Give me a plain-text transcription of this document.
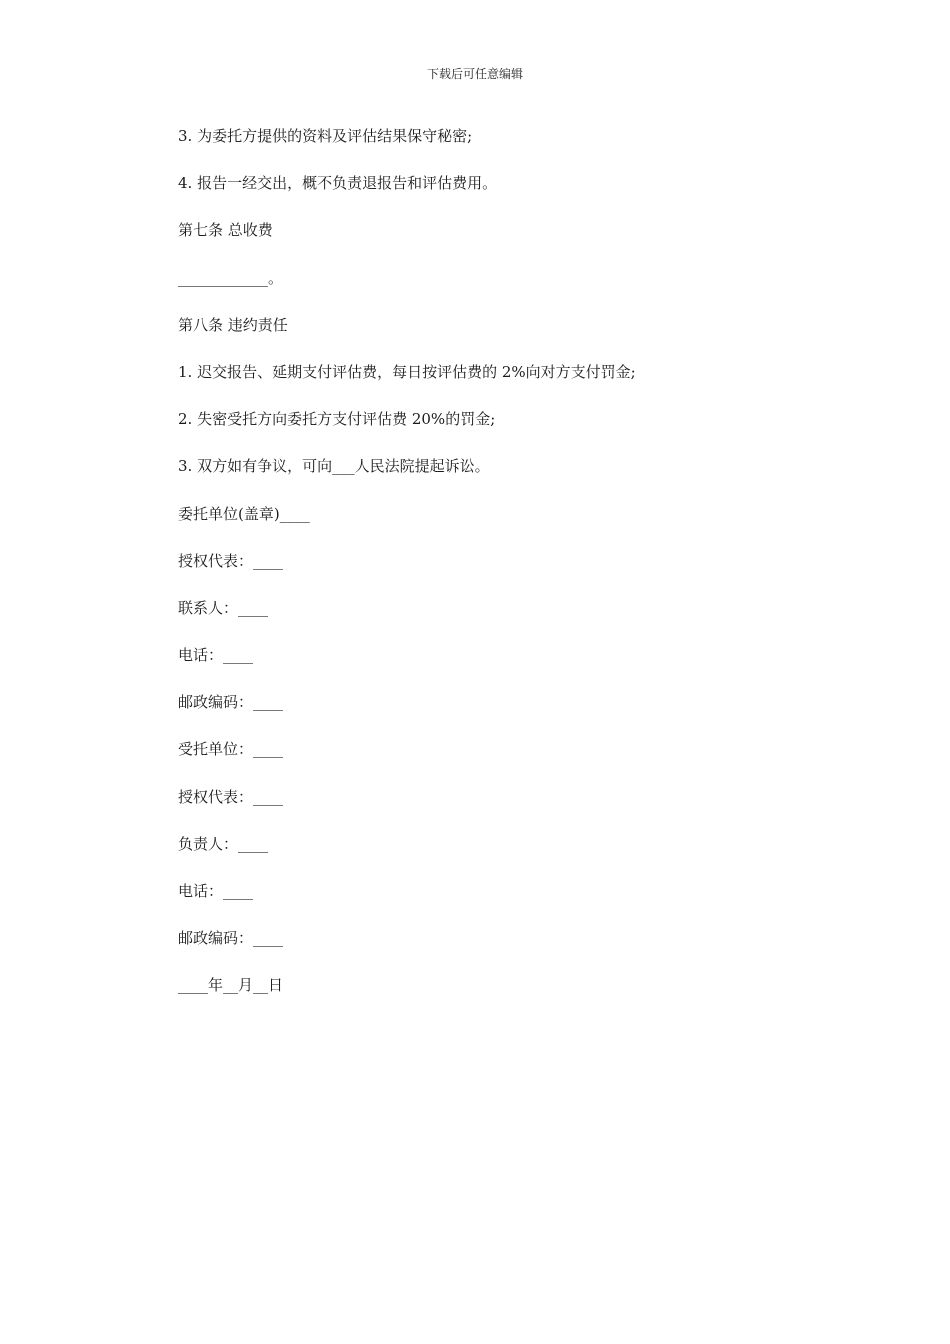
下载后可任意编辑
3. 为委托方提供的资料及评估结果保守秘密;
4. 报告一经交出，概不负责退报告和评估费用。
第七条 总收费
____________。
第八条 违约责任
1. 迟交报告、延期支付评估费，每日按评估费的 2%向对方支付罚金;
2. 失密受托方向委托方支付评估费 20%的罚金;
3. 双方如有争议，可向___人民法院提起诉讼。
委托单位(盖章)____
授权代表：____
联系人：____
电话：____
邮政编码：____
受托单位：____
授权代表：____
负责人：____
电话：____
邮政编码：____
____年__月__日
